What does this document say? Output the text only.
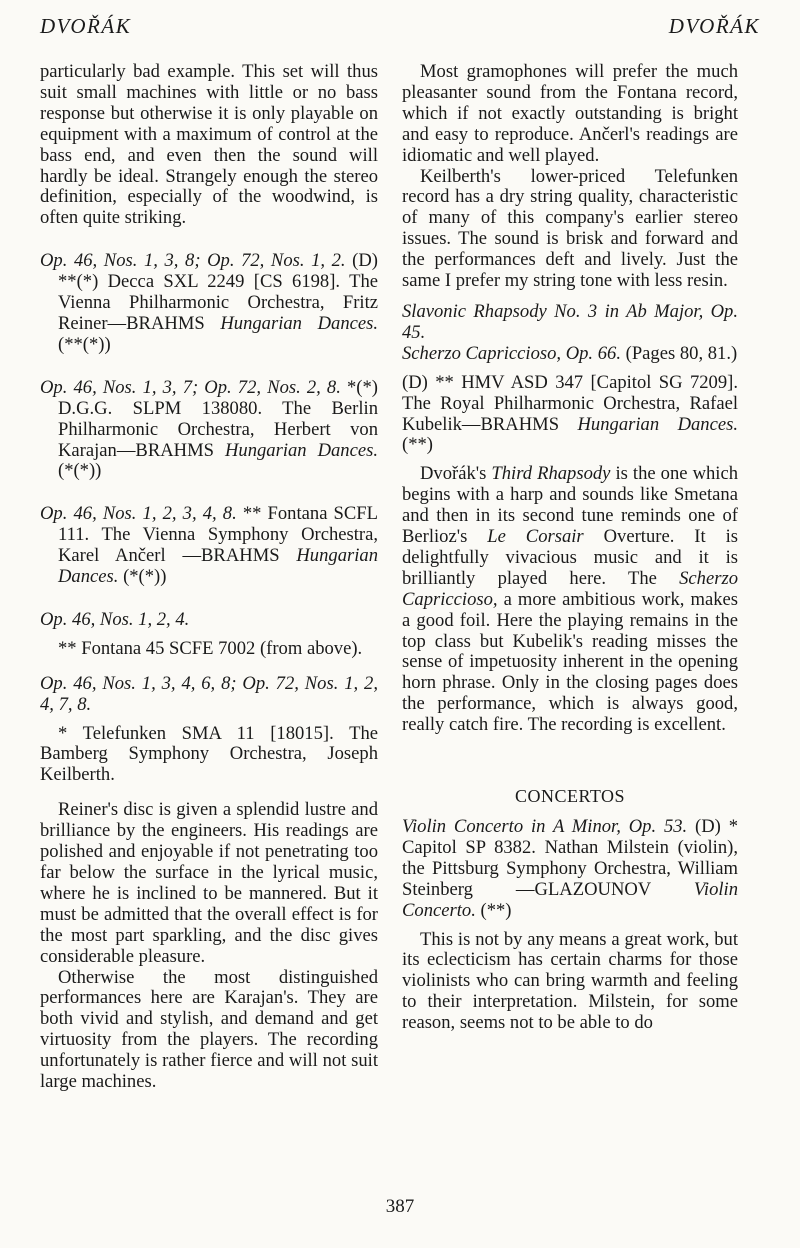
DVOŘÁK	DVOŘÁK

particularly bad example. This set will thus suit small machines with little or no bass response but otherwise it is only playable on equipment with a maximum of control at the bass end, and even then the sound will hardly be ideal. Strangely enough the stereo definition, especially of the woodwind, is often quite striking.

Op. 46, Nos. 1, 3, 8; Op. 72, Nos. 1, 2. (D) **(*) Decca SXL 2249 [CS 6198]. The Vienna Philharmonic Orchestra, Fritz Reiner—BRAHMS Hungarian Dances. (**(*))

Op. 46, Nos. 1, 3, 7; Op. 72, Nos. 2, 8. *(*) D.G.G. SLPM 138080. The Berlin Philharmonic Orchestra, Herbert von Karajan—BRAHMS Hungarian Dances. (*(*))

Op. 46, Nos. 1, 2, 3, 4, 8. ** Fontana SCFL 111. The Vienna Symphony Orchestra, Karel Ančerl —BRAHMS Hungarian Dances. (*(*))

Op. 46, Nos. 1, 2, 4.

** Fontana 45 SCFE 7002 (from above).

Op. 46, Nos. 1, 3, 4, 6, 8; Op. 72, Nos. 1, 2, 4, 7, 8.

* Telefunken SMA 11 [18015]. The Bamberg Symphony Orchestra, Joseph Keilberth.

Reiner's disc is given a splendid lustre and brilliance by the engineers. His readings are polished and enjoyable if not penetrating too far below the surface in the lyrical music, where he is inclined to be mannered. But it must be admitted that the overall effect is for the most part sparkling, and the disc gives considerable pleasure.

Otherwise the most distinguished performances here are Karajan's. They are both vivid and stylish, and demand and get virtuosity from the players. The recording unfortunately is rather fierce and will not suit large machines.

Most gramophones will prefer the much pleasanter sound from the Fontana record, which if not exactly outstanding is bright and easy to reproduce. Ančerl's readings are idiomatic and well played.

Keilberth's lower-priced Telefunken record has a dry string quality, characteristic of many of this company's earlier stereo issues. The sound is brisk and forward and the performances deft and lively. Just the same I prefer my string tone with less resin.

Slavonic Rhapsody No. 3 in Ab Major, Op. 45.

Scherzo Capriccioso, Op. 66. (Pages 80, 81.)

(D) ** HMV ASD 347 [Capitol SG 7209]. The Royal Philharmonic Orchestra, Rafael Kubelik—BRAHMS Hungarian Dances. (**)

Dvořák's Third Rhapsody is the one which begins with a harp and sounds like Smetana and then in its second tune reminds one of Berlioz's Le Corsair Overture. It is delightfully vivacious music and it is brilliantly played here. The Scherzo Capriccioso, a more ambitious work, makes a good foil. Here the playing remains in the top class but Kubelik's reading misses the sense of impetuosity inherent in the opening horn phrase. Only in the closing pages does the performance, which is always good, really catch fire. The recording is excellent.

CONCERTOS

Violin Concerto in A Minor, Op. 53. (D) * Capitol SP 8382. Nathan Milstein (violin), the Pittsburg Symphony Orchestra, William Steinberg —GLAZOUNOV Violin Concerto. (**)

This is not by any means a great work, but its eclecticism has certain charms for those violinists who can bring warmth and feeling to their interpretation. Milstein, for some reason, seems not to be able to do

387
